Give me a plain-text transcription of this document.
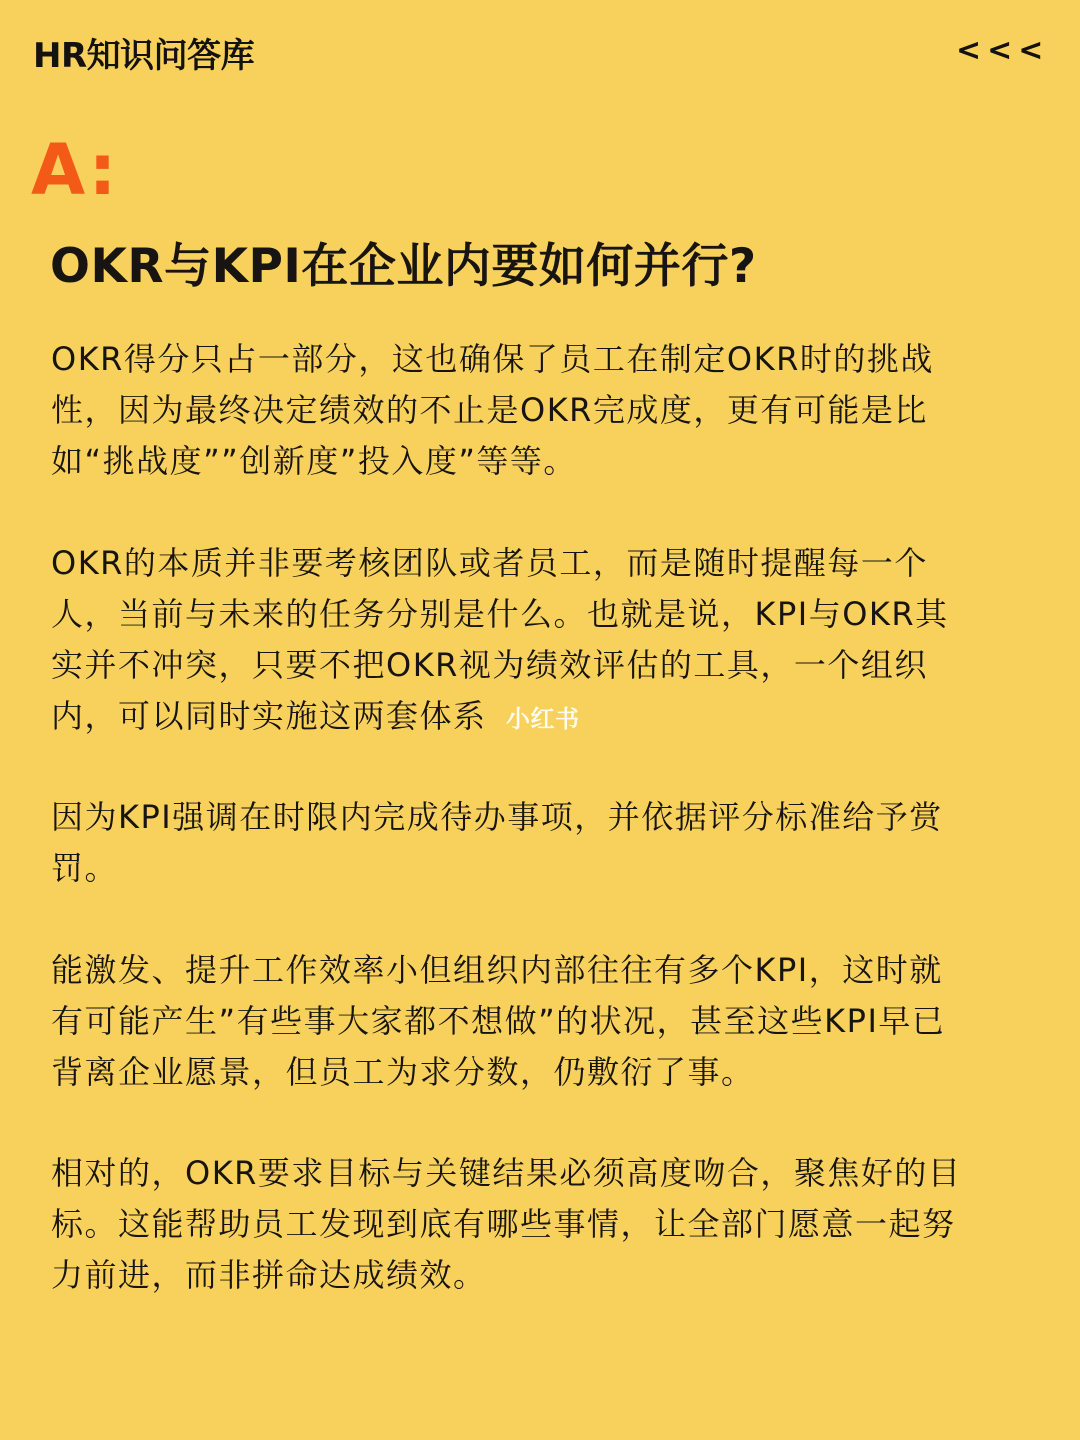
HR知识问答库	<<<
A:
OKR与KPI在企业内要如何并行?

OKR得分只占一部分，这也确保了员工在制定OKR时的挑战
性，因为最终决定绩效的不止是OKR完成度，更有可能是比
如“挑战度””创新度”投入度”等等。

OKR的本质并非要考核团队或者员工，而是随时提醒每一个
人，当前与未来的任务分别是什么。也就是说，KPI与OKR其
实并不冲突，只要不把OKR视为绩效评估的工具，一个组织
内，可以同时实施这两套体系

因为KPI强调在时限内完成待办事项，并依据评分标准给予赏
罚。

能激发、提升工作效率小但组织内部往往有多个KPI，这时就
有可能产生”有些事大家都不想做”的状况，甚至这些KPI早已
背离企业愿景，但员工为求分数，仍敷衍了事。

相对的，OKR要求目标与关键结果必须高度吻合，聚焦好的目
标。这能帮助员工发现到底有哪些事情，让全部门愿意一起努
力前进，而非拼命达成绩效。

小红书
